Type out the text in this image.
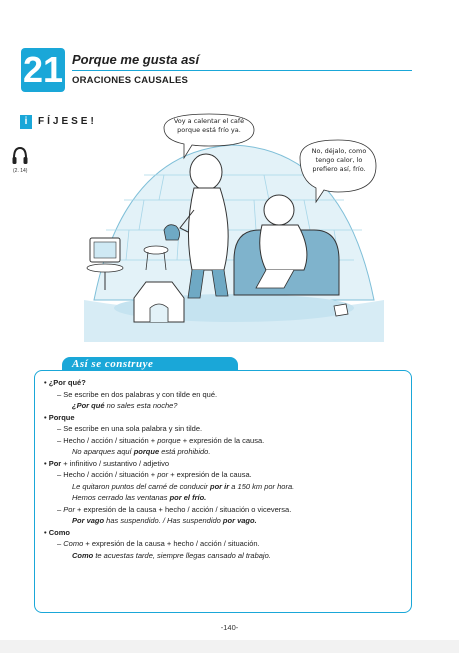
21 Porque me gusta así
ORACIONES CAUSALES
i	FÍJESE!
(2. 14)
Voy a calentar el café
porque está frío ya.
No, déjalo, como
tengo calor, lo
prefiero así, frío.
Así se construye
• ¿Por qué?
– Se escribe en dos palabras y con tilde en qué.
¿Por qué no sales esta noche?
• Porque
– Se escribe en una sola palabra y sin tilde.
– Hecho / acción / situación + porque + expresión de la causa.
No aparques aquí porque está prohibido.
• Por + infinitivo / sustantivo / adjetivo
– Hecho / acción / situación + por + expresión de la causa.
Le quitaron puntos del carné de conducir por ir a 150 km por hora.
Hemos cerrado las ventanas por el frío.
– Por + expresión de la causa + hecho / acción / situación o viceversa.
Por vago has suspendido. / Has suspendido por vago.
• Como
– Como + expresión de la causa + hecho / acción / situación.
Como te acuestas tarde, siempre llegas cansado al trabajo.
-140-
